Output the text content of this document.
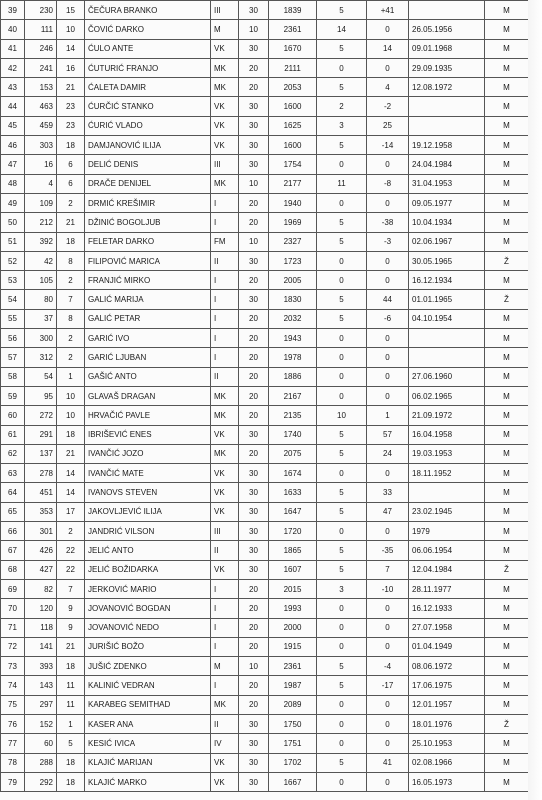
39	230	15	ČEČURA BRANKO	III	30	1839	5	+41		M
40	111	10	ČOVIĆ DARKO	M	10	2361	14	0	26.05.1956	M
41	246	14	ĆULO ANTE	VK	30	1670	5	14	09.01.1968	M
42	241	16	ĆUTURIĆ FRANJO	MK	20	2111	0	0	29.09.1935	M
43	153	21	ĆALETA DAMIR	MK	20	2053	5	4	12.08.1972	M
44	463	23	ĆURČIĆ STANKO	VK	30	1600	2	-2		M
45	459	23	ĆURIĆ VLADO	VK	30	1625	3	25		M
46	303	18	DAMJANOVIĆ ILIJA	VK	30	1600	5	-14	19.12.1958	M
47	16	6	DELIĆ DENIS	III	30	1754	0	0	24.04.1984	M
48	4	6	DRAČE DENIJEL	MK	10	2177	11	-8	31.04.1953	M
49	109	2	DRMIĆ KREŠIMIR	I	20	1940	0	0	09.05.1977	M
50	212	21	DŽINIĆ BOGOLJUB	I	20	1969	5	-38	10.04.1934	M
51	392	18	FELETAR DARKO	FM	10	2327	5	-3	02.06.1967	M
52	42	8	FILIPOVIĆ MARICA	II	30	1723	0	0	30.05.1965	Ž
53	105	2	FRANJIĆ MIRKO	I	20	2005	0	0	16.12.1934	M
54	80	7	GALIĆ MARIJA	I	30	1830	5	44	01.01.1965	Ž
55	37	8	GALIĆ PETAR	I	20	2032	5	-6	04.10.1954	M
56	300	2	GARIĆ IVO	I	20	1943	0	0		M
57	312	2	GARIĆ LJUBAN	I	20	1978	0	0		M
58	54	1	GAŠIĆ ANTO	II	20	1886	0	0	27.06.1960	M
59	95	10	GLAVAŠ DRAGAN	MK	20	2167	0	0	06.02.1965	M
60	272	10	HRVAČIĆ PAVLE	MK	20	2135	10	1	21.09.1972	M
61	291	18	IBRIŠEVIĆ ENES	VK	30	1740	5	57	16.04.1958	M
62	137	21	IVANČIĆ JOZO	MK	20	2075	5	24	19.03.1953	M
63	278	14	IVANČIĆ MATE	VK	30	1674	0	0	18.11.1952	M
64	451	14	IVANOVS STEVEN	VK	30	1633	5	33		M
65	353	17	JAKOVLJEVIĆ ILIJA	VK	30	1647	5	47	23.02.1945	M
66	301	2	JANDRIĆ VILSON	III	30	1720	0	0	1979	M
67	426	22	JELIĆ ANTO	II	30	1865	5	-35	06.06.1954	M
68	427	22	JELIĆ BOŽIDARKA	VK	30	1607	5	7	12.04.1984	Ž
69	82	7	JERKOVIĆ MARIO	I	20	2015	3	-10	28.11.1977	M
70	120	9	JOVANOVIĆ BOGDAN	I	20	1993	0	0	16.12.1933	M
71	118	9	JOVANOVIĆ NEDO	I	20	2000	0	0	27.07.1958	M
72	141	21	JURIŠIĆ BOŽO	I	20	1915	0	0	01.04.1949	M
73	393	18	JUŠIĆ ZDENKO	M	10	2361	5	-4	08.06.1972	M
74	143	11	KALINIĆ VEDRAN	I	20	1987	5	-17	17.06.1975	M
75	297	11	KARABEG SEMITHAD	MK	20	2089	0	0	12.01.1957	M
76	152	1	KASER ANA	II	30	1750	0	0	18.01.1976	Ž
77	60	5	KESIĆ IVICA	IV	30	1751	0	0	25.10.1953	M
78	288	18	KLAJIĆ MARIJAN	VK	30	1702	5	41	02.08.1966	M
79	292	18	KLAJIĆ MARKO	VK	30	1667	0	0	16.05.1973	M
